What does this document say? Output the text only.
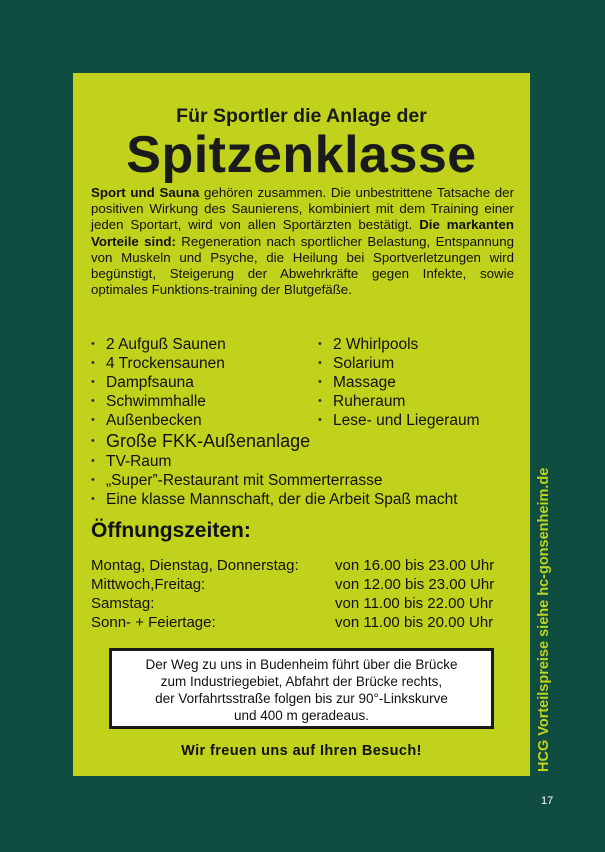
Für Sportler die Anlage der
Spitzenklasse
Sport und Sauna gehören zusammen. Die unbestrittene Tatsache der positiven Wirkung des Saunierens, kombiniert mit dem Training einer jeden Sportart, wird von allen Sportärzten bestätigt. Die markanten Vorteile sind: Regeneration nach sportlicher Belastung, Entspannung von Muskeln und Psyche, die Heilung bei Sportverletzungen wird begünstigt, Steigerung der Abwehrkräfte gegen Infekte, sowie optimales Funktions-training der Blutgefäße.
• 2 Aufguß Saunen
• 4 Trockensaunen
• Dampfsauna
• Schwimmhalle
• Außenbecken
• 2 Whirlpools
• Solarium
• Massage
• Ruheraum
• Lese- und Liegeraum
• Große FKK-Außenanlage
• TV-Raum
• „Super”-Restaurant mit Sommerterrasse
• Eine klasse Mannschaft, der die Arbeit Spaß macht
Öffnungszeiten:
Montag, Dienstag, Donnerstag: von 16.00 bis 23.00 Uhr
Mittwoch,Freitag:	von 12.00 bis 23.00 Uhr
Samstag:	von 11.00 bis 22.00 Uhr
Sonn- + Feiertage:	von 11.00 bis 20.00 Uhr
Der Weg zu uns in Budenheim führt über die Brücke
zum Industriegebiet, Abfahrt der Brücke rechts,
der Vorfahrtsstraße folgen bis zur 90°-Linkskurve
und 400 m geradeaus.
Wir freuen uns auf Ihren Besuch!	HCG Vorteilspreise siehe hc-gonsenheim.de
17
